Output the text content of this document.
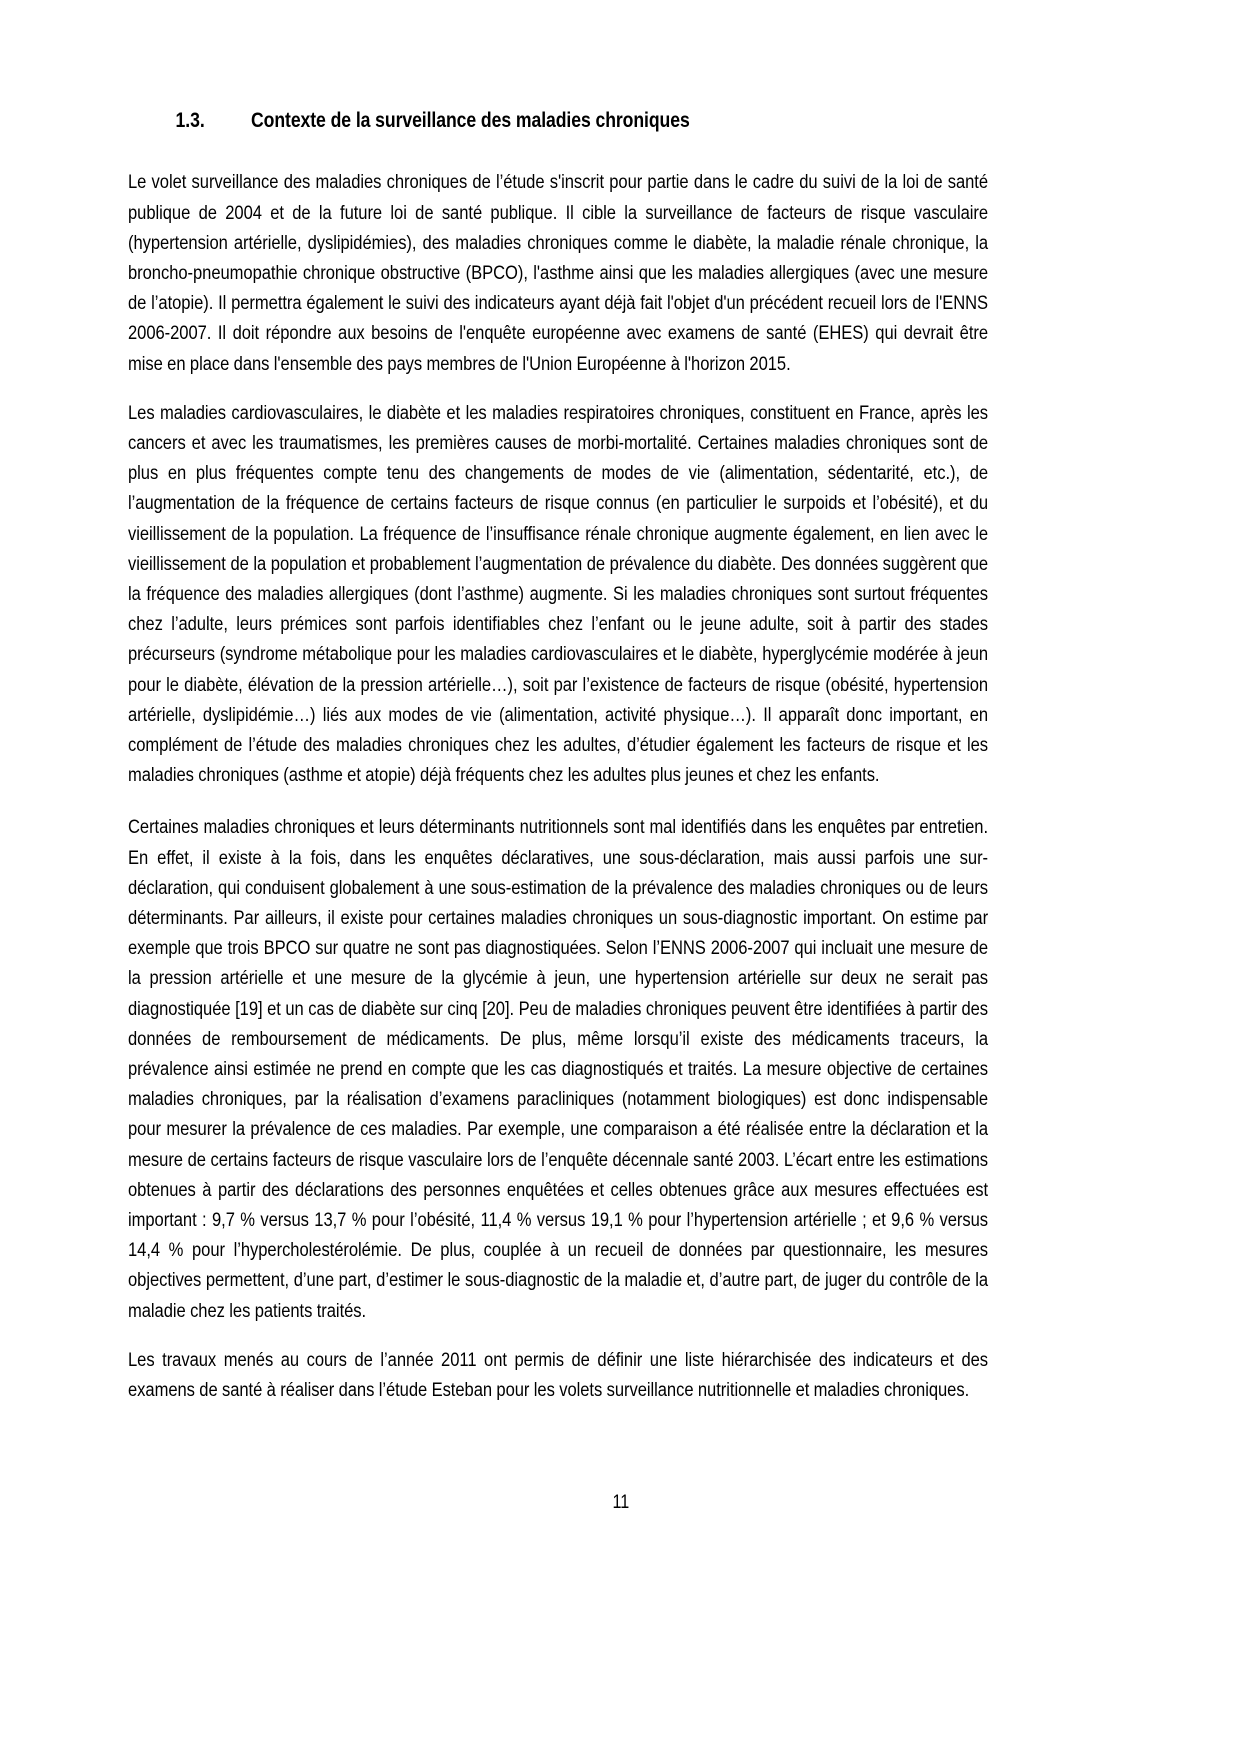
1.3.	Contexte de la surveillance des maladies chroniques

Le volet surveillance des maladies chroniques de l’étude s'inscrit pour partie dans le cadre du suivi de la loi de santé publique de 2004 et de la future loi de santé publique. Il cible la surveillance de facteurs de risque vasculaire (hypertension artérielle, dyslipidémies), des maladies chroniques comme le diabète, la maladie rénale chronique, la broncho-pneumopathie chronique obstructive (BPCO), l'asthme ainsi que les maladies allergiques (avec une mesure de l’atopie). Il permettra également le suivi des indicateurs ayant déjà fait l'objet d'un précédent recueil lors de l'ENNS 2006-2007. Il doit répondre aux besoins de l'enquête européenne avec examens de santé (EHES) qui devrait être mise en place dans l'ensemble des pays membres de l'Union Européenne à l'horizon 2015.

Les maladies cardiovasculaires, le diabète et les maladies respiratoires chroniques, constituent en France, après les cancers et avec les traumatismes, les premières causes de morbi-mortalité. Certaines maladies chroniques sont de plus en plus fréquentes compte tenu des changements de modes de vie (alimentation, sédentarité, etc.), de l’augmentation de la fréquence de certains facteurs de risque connus (en particulier le surpoids et l’obésité), et du vieillissement de la population. La fréquence de l’insuffisance rénale chronique augmente également, en lien avec le vieillissement de la population et probablement l’augmentation de prévalence du diabète. Des données suggèrent que la fréquence des maladies allergiques (dont l’asthme) augmente. Si les maladies chroniques sont surtout fréquentes chez l’adulte, leurs prémices sont parfois identifiables chez l’enfant ou le jeune adulte, soit à partir des stades précurseurs (syndrome métabolique pour les maladies cardiovasculaires et le diabète, hyperglycémie modérée à jeun pour le diabète, élévation de la pression artérielle…), soit par l’existence de facteurs de risque (obésité, hypertension artérielle, dyslipidémie…) liés aux modes de vie (alimentation, activité physique…). Il apparaît donc important, en complément de l’étude des maladies chroniques chez les adultes, d’étudier également les facteurs de risque et les maladies chroniques (asthme et atopie) déjà fréquents chez les adultes plus jeunes et chez les enfants.

Certaines maladies chroniques et leurs déterminants nutritionnels sont mal identifiés dans les enquêtes par entretien. En effet, il existe à la fois, dans les enquêtes déclaratives, une sous-déclaration, mais aussi parfois une sur-déclaration, qui conduisent globalement à une sous-estimation de la prévalence des maladies chroniques ou de leurs déterminants. Par ailleurs, il existe pour certaines maladies chroniques un sous-diagnostic important. On estime par exemple que trois BPCO sur quatre ne sont pas diagnostiquées. Selon l’ENNS 2006-2007 qui incluait une mesure de la pression artérielle et une mesure de la glycémie à jeun, une hypertension artérielle sur deux ne serait pas diagnostiquée [19] et un cas de diabète sur cinq [20]. Peu de maladies chroniques peuvent être identifiées à partir des données de remboursement de médicaments. De plus, même lorsqu’il existe des médicaments traceurs, la prévalence ainsi estimée ne prend en compte que les cas diagnostiqués et traités. La mesure objective de certaines maladies chroniques, par la réalisation d’examens paracliniques (notamment biologiques) est donc indispensable pour mesurer la prévalence de ces maladies. Par exemple, une comparaison a été réalisée entre la déclaration et la mesure de certains facteurs de risque vasculaire lors de l’enquête décennale santé 2003. L’écart entre les estimations obtenues à partir des déclarations des personnes enquêtées et celles obtenues grâce aux mesures effectuées est important : 9,7 % versus 13,7 % pour l’obésité, 11,4 % versus 19,1 % pour l’hypertension artérielle ; et 9,6 % versus 14,4 % pour l’hypercholestérolémie. De plus, couplée à un recueil de données par questionnaire, les mesures objectives permettent, d’une part, d’estimer le sous-diagnostic de la maladie et, d’autre part, de juger du contrôle de la maladie chez les patients traités.

Les travaux menés au cours de l’année 2011 ont permis de définir une liste hiérarchisée des indicateurs et des examens de santé à réaliser dans l’étude Esteban pour les volets surveillance nutritionnelle et maladies chroniques.

11
